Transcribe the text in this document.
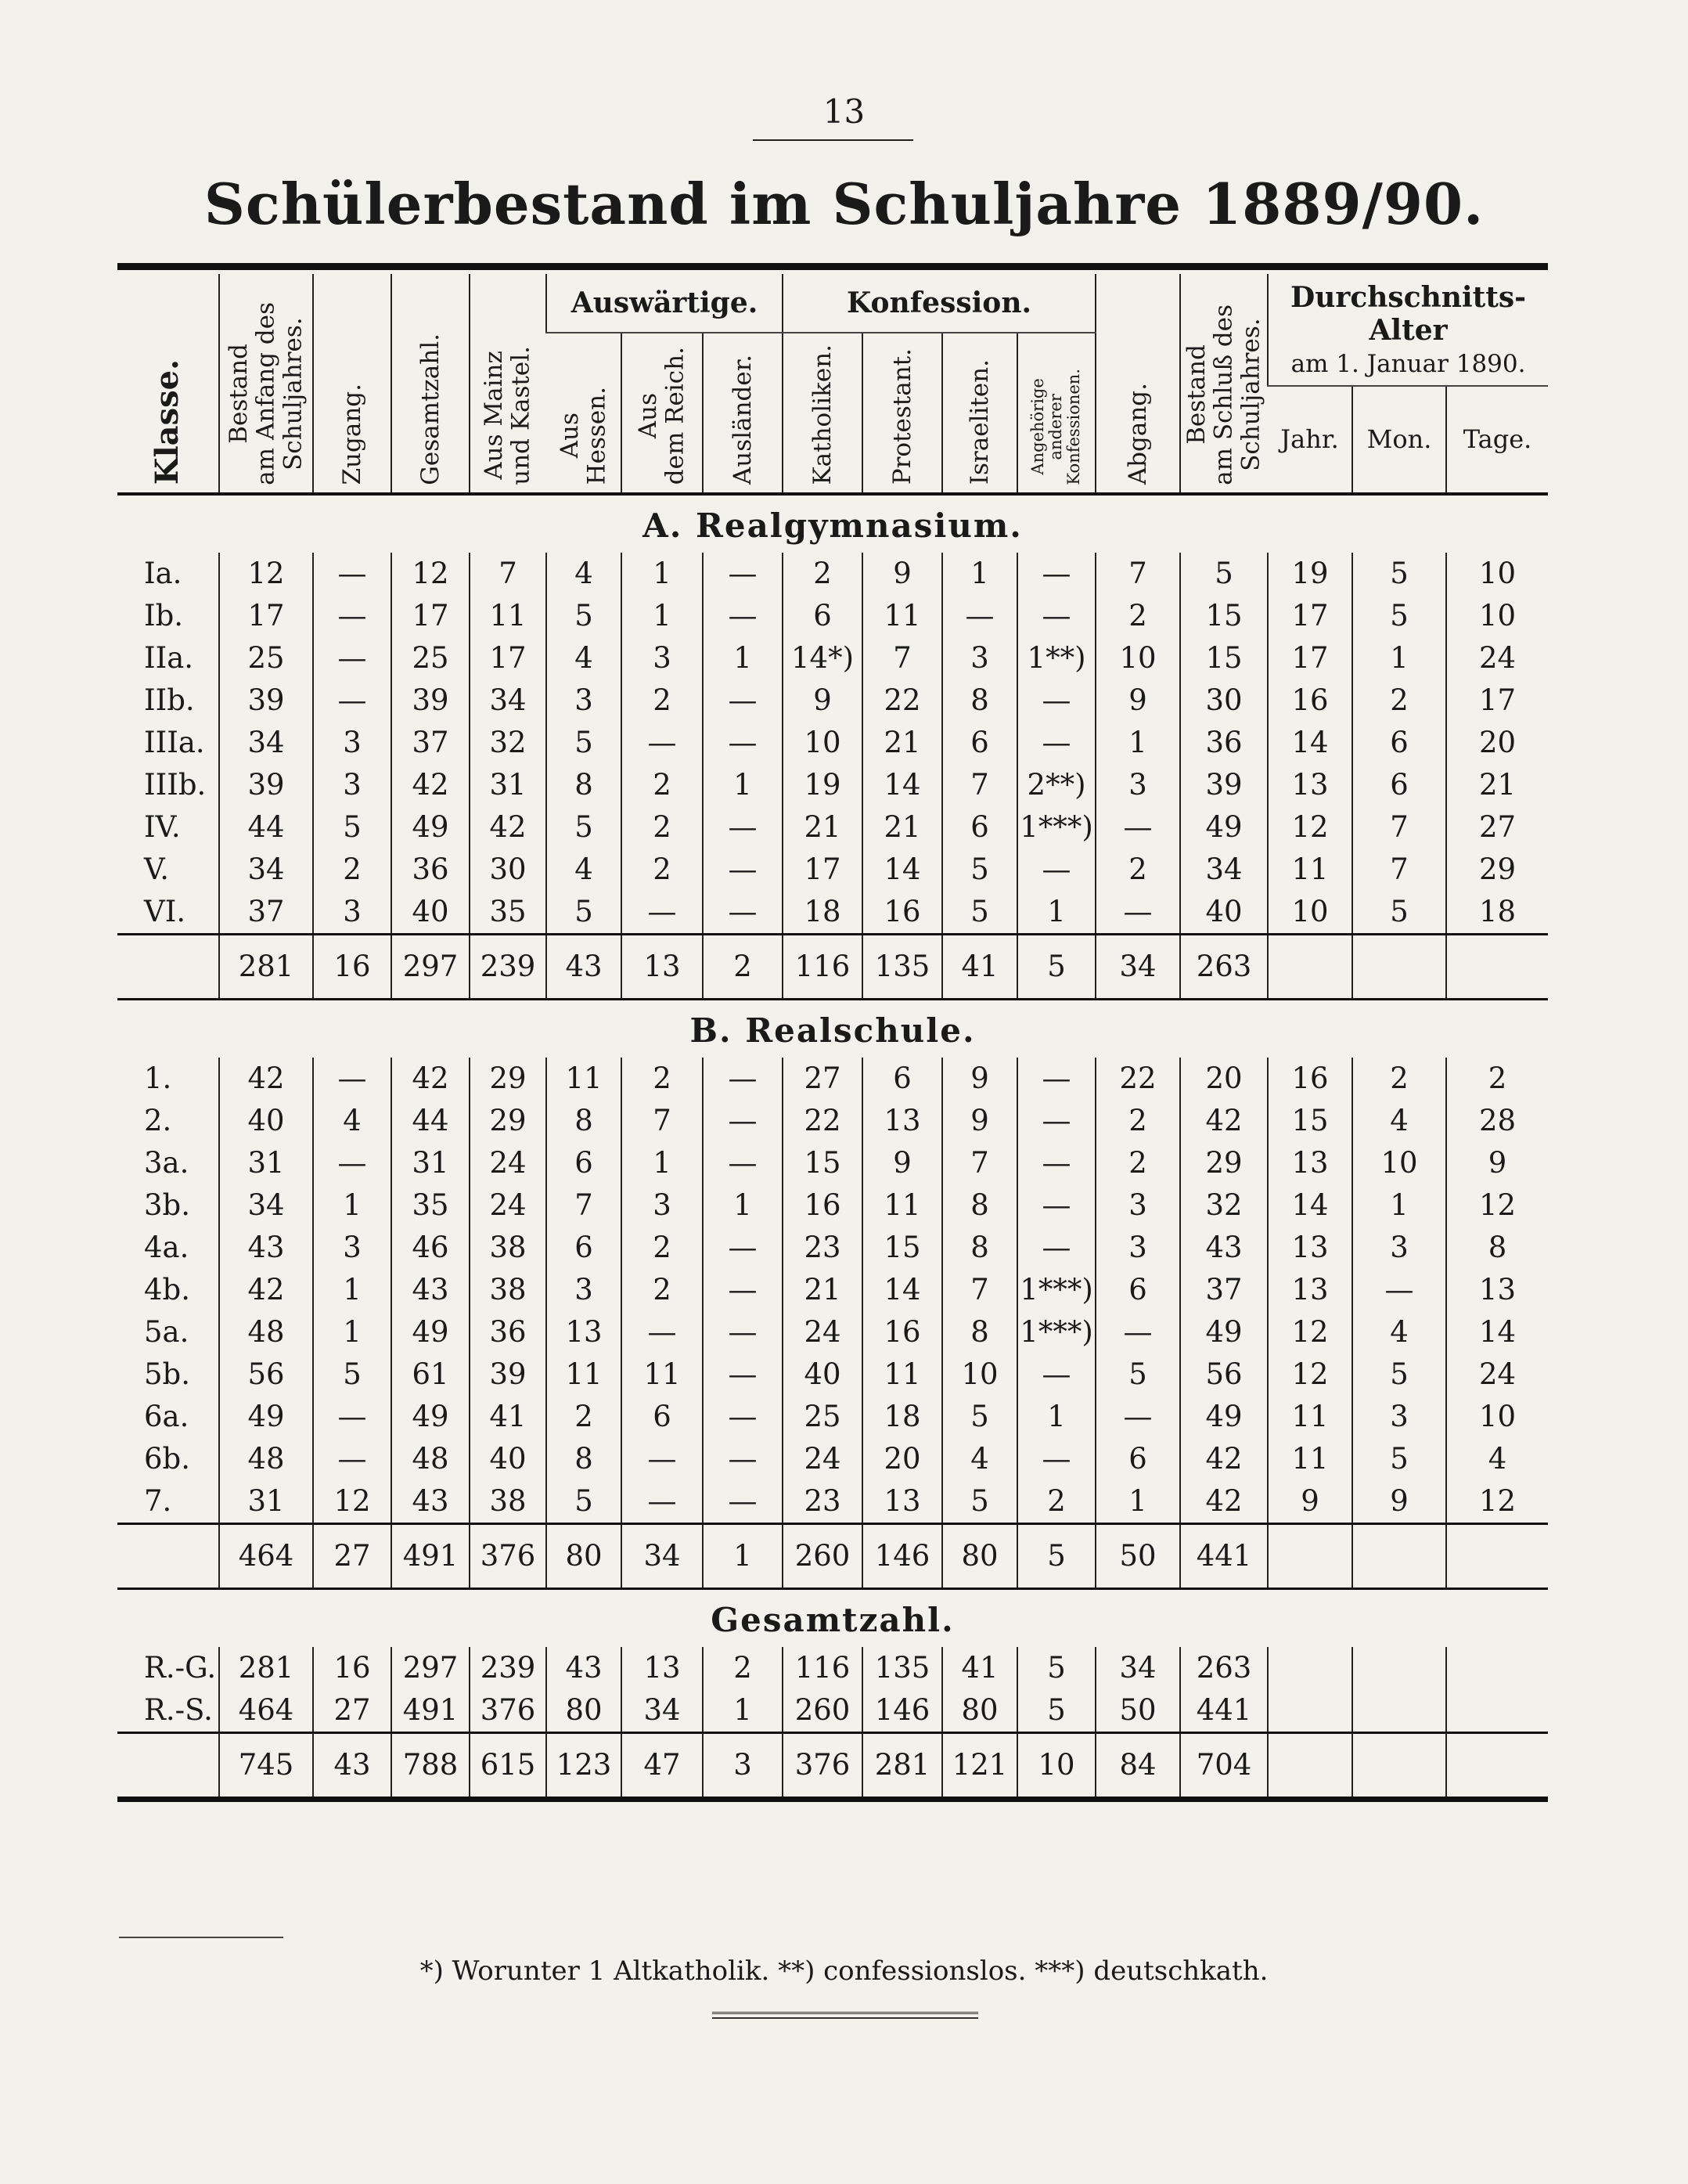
13
Schülerbestand im Schuljahre 1889/90.
Klasse.	Bestand
am Anfang des
Schuljahres.	Zugang.	Gesamtzahl.	Aus Mainz
und Kastel.	Auswärtige.			Konfession.				Abgang.	Bestand
am Schluß des
Schuljahres.	Durchschnitts-Alter
am 1. Januar 1890.		

					Aus
Hessen.	Aus
dem Reich.	Ausländer.	Katholiken.	Protestant.	Israeliten.	Angehörige
anderer
Konfessionen.					
														Jahr.	Mon.	Tage.
A. Realgymnasium.																
Ia.	12	—	12	7	4	1	—	2	9	1	—	7	5	19	5	10
Ib.	17	—	17	11	5	1	—	6	11	—	—	2	15	17	5	10
IIa.	25	—	25	17	4	3	1	14*)	7	3	1**)	10	15	17	1	24
IIb.	39	—	39	34	3	2	—	9	22	8	—	9	30	16	2	17
IIIa.	34	3	37	32	5	—	—	10	21	6	—	1	36	14	6	20
IIIb.	39	3	42	31	8	2	1	19	14	7	2**)	3	39	13	6	21
IV.	44	5	49	42	5	2	—	21	21	6	1***)	—	49	12	7	27
V.	34	2	36	30	4	2	—	17	14	5	—	2	34	11	7	29
VI.	37	3	40	35	5	—	—	18	16	5	1	—	40	10	5	18
	281	16	297	239	43	13	2	116	135	41	5	34	263			
B. Realschule.																
1.	42	—	42	29	11	2	—	27	6	9	—	22	20	16	2	2
2.	40	4	44	29	8	7	—	22	13	9	—	2	42	15	4	28
3a.	31	—	31	24	6	1	—	15	9	7	—	2	29	13	10	9
3b.	34	1	35	24	7	3	1	16	11	8	—	3	32	14	1	12
4a.	43	3	46	38	6	2	—	23	15	8	—	3	43	13	3	8
4b.	42	1	43	38	3	2	—	21	14	7	1***)	6	37	13	—	13
5a.	48	1	49	36	13	—	—	24	16	8	1***)	—	49	12	4	14
5b.	56	5	61	39	11	11	—	40	11	10	—	5	56	12	5	24
6a.	49	—	49	41	2	6	—	25	18	5	1	—	49	11	3	10
6b.	48	—	48	40	8	—	—	24	20	4	—	6	42	11	5	4
7.	31	12	43	38	5	—	—	23	13	5	2	1	42	9	9	12
	464	27	491	376	80	34	1	260	146	80	5	50	441			
Gesamtzahl.																
R.-G.	281	16	297	239	43	13	2	116	135	41	5	34	263			
R.-S.	464	27	491	376	80	34	1	260	146	80	5	50	441			
	745	43	788	615	123	47	3	376	281	121	10	84	704			
*) Worunter 1 Altkatholik. **) confessionslos. ***) deutschkath.
